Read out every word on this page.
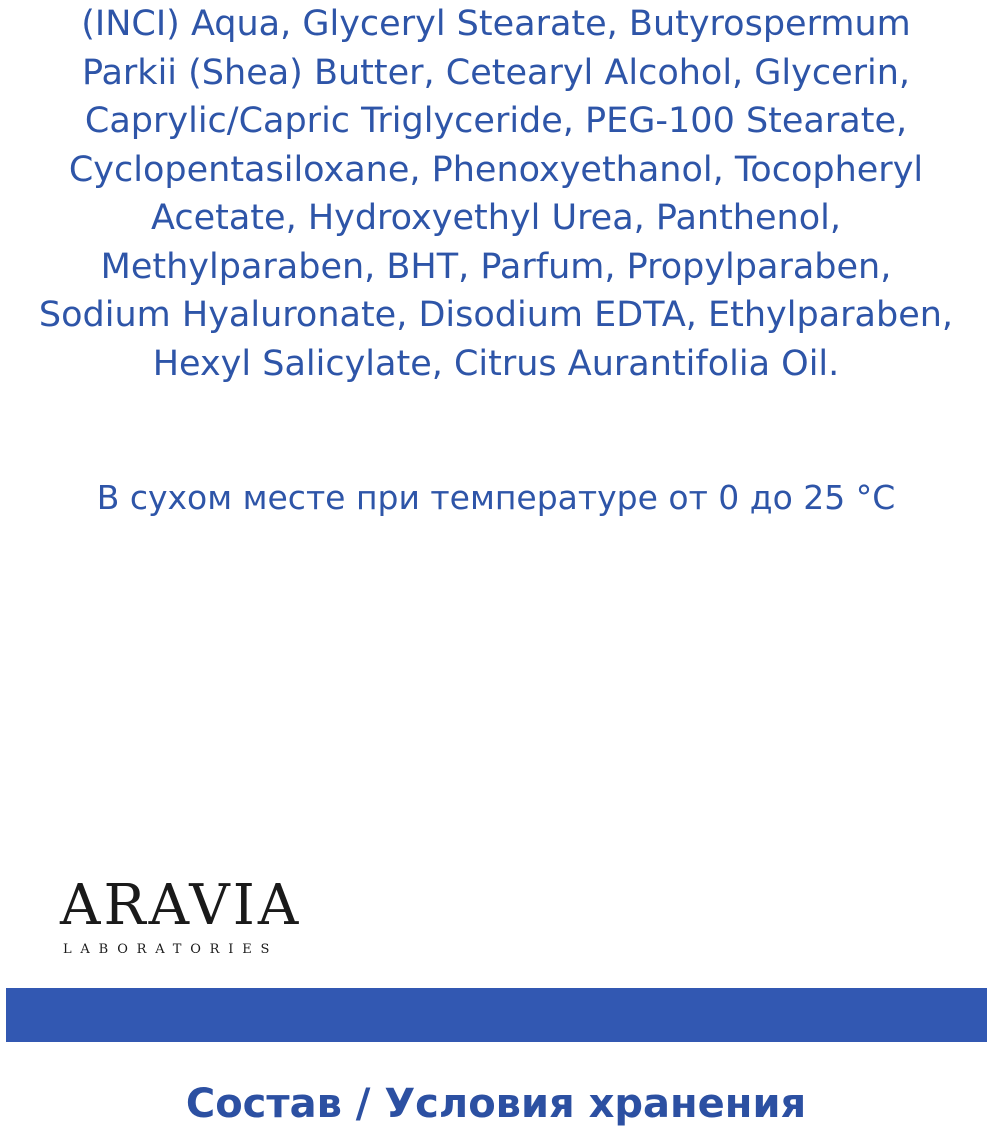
(INCI) Aqua, Glyceryl Stearate, Butyrospermum
Parkii (Shea) Butter, Cetearyl Alcohol, Glycerin,
Caprylic/Capric Triglyceride, PEG-100 Stearate,
Cyclopentasiloxane, Phenoxyethanol, Tocopheryl
Acetate, Hydroxyethyl Urea, Panthenol,
Methylparaben, BHT, Parfum, Propylparaben,
Sodium Hyaluronate, Disodium EDTA, Ethylparaben,
Hexyl Salicylate, Citrus Aurantifolia Oil.
В сухом месте при температуре от 0 до 25 °C
ARAVIA
LABORATORIES
Состав / Условия хранения
